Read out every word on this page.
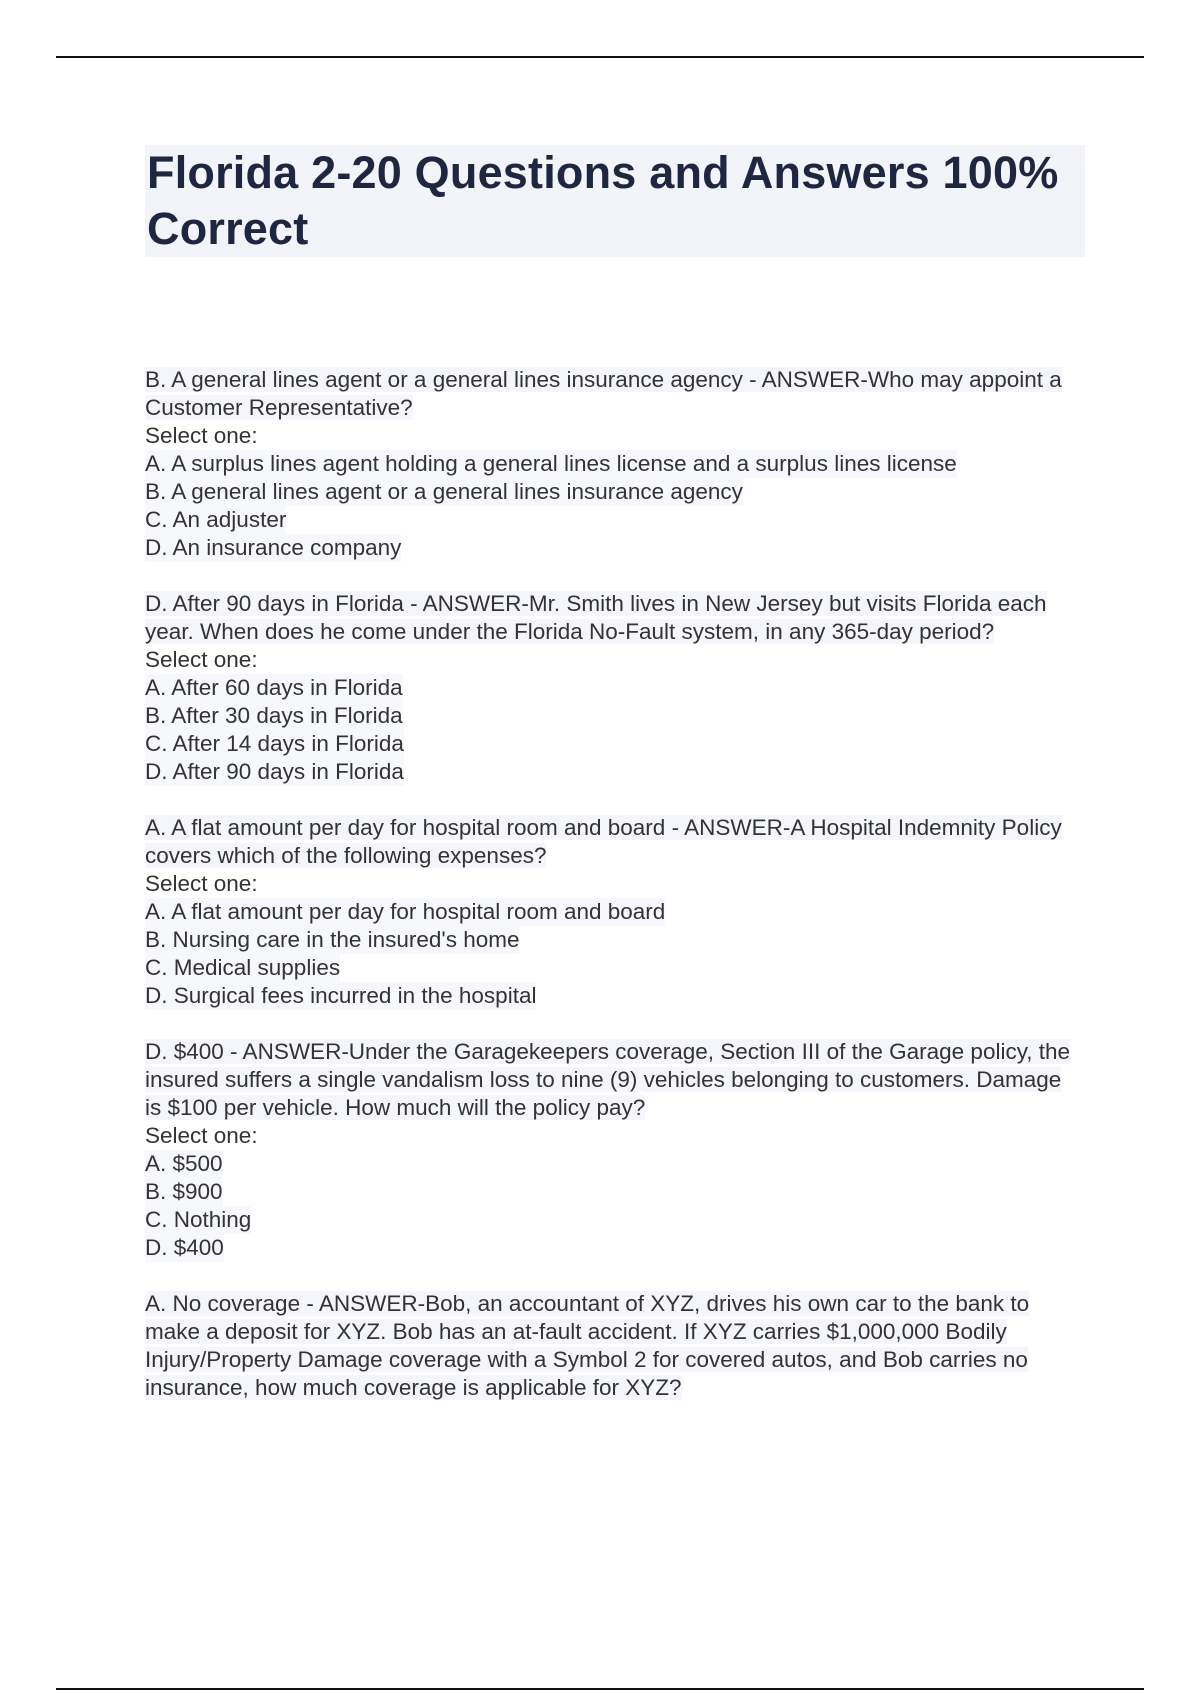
Florida 2-20 Questions and Answers 100% Correct
B. A general lines agent or a general lines insurance agency - ANSWER-Who may appoint a Customer Representative?
Select one:
A. A surplus lines agent holding a general lines license and a surplus lines license
B. A general lines agent or a general lines insurance agency
C. An adjuster
D. An insurance company
D. After 90 days in Florida - ANSWER-Mr. Smith lives in New Jersey but visits Florida each year. When does he come under the Florida No-Fault system, in any 365-day period?
Select one:
A. After 60 days in Florida
B. After 30 days in Florida
C. After 14 days in Florida
D. After 90 days in Florida
A. A flat amount per day for hospital room and board - ANSWER-A Hospital Indemnity Policy covers which of the following expenses?
Select one:
A. A flat amount per day for hospital room and board
B. Nursing care in the insured's home
C. Medical supplies
D. Surgical fees incurred in the hospital
D. $400 - ANSWER-Under the Garagekeepers coverage, Section III of the Garage policy, the insured suffers a single vandalism loss to nine (9) vehicles belonging to customers. Damage is $100 per vehicle. How much will the policy pay?
Select one:
A. $500
B. $900
C. Nothing
D. $400
A. No coverage - ANSWER-Bob, an accountant of XYZ, drives his own car to the bank to make a deposit for XYZ. Bob has an at-fault accident. If XYZ carries $1,000,000 Bodily Injury/Property Damage coverage with a Symbol 2 for covered autos, and Bob carries no insurance, how much coverage is applicable for XYZ?
